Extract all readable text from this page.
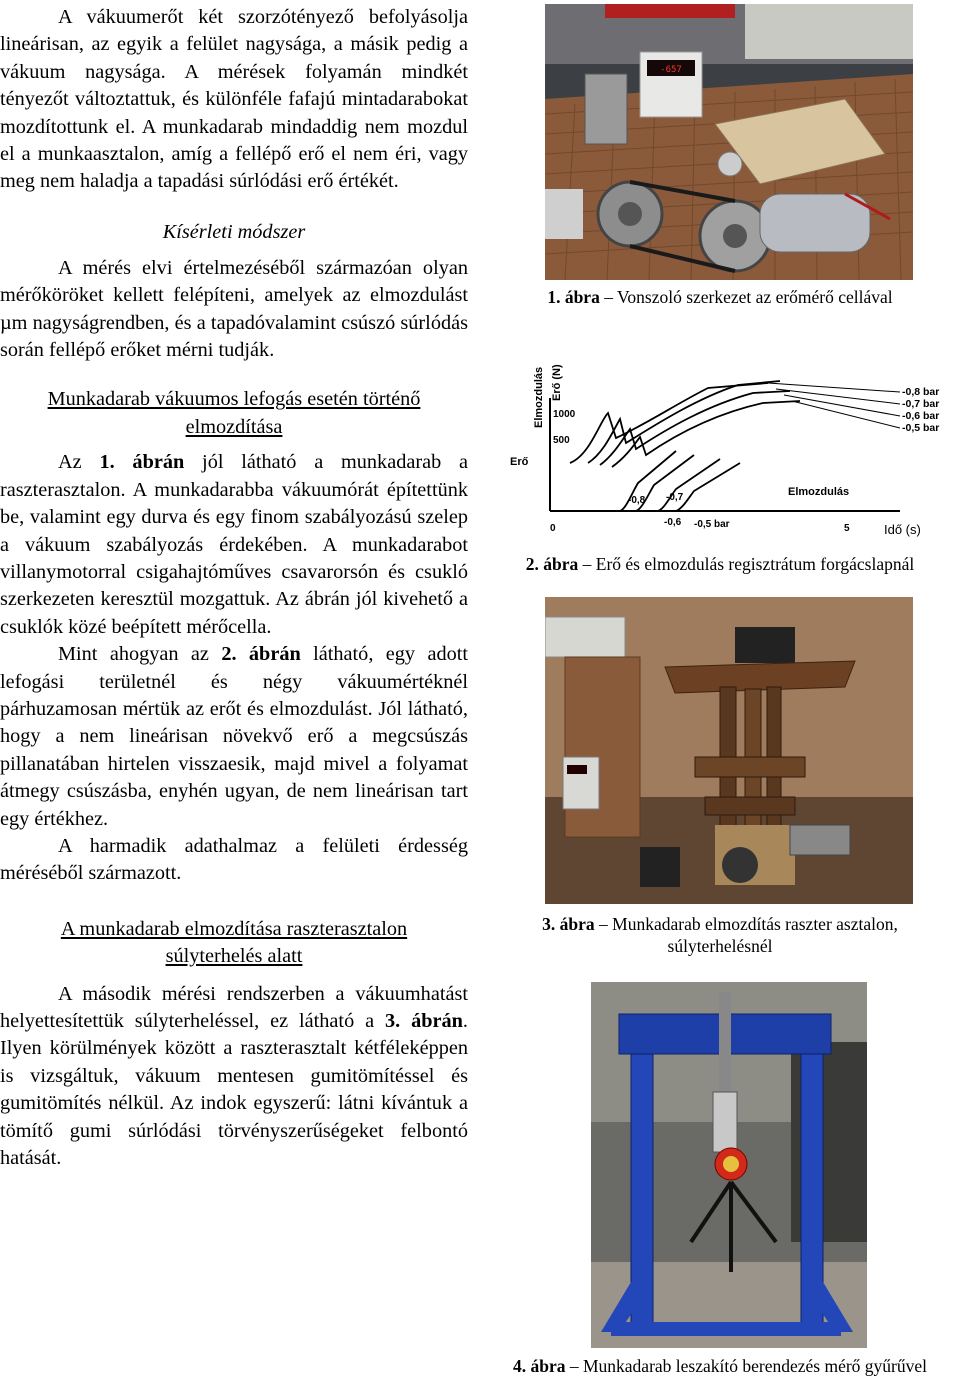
A vákuumerőt két szorzótényező befolyásolja lineárisan, az egyik a felület nagysága, a másik pedig a vákuum nagysága. A mérések folyamán mindkét tényezőt változtattuk, és különféle fafajú mintadarabokat mozdítottunk el. A munkadarab mindaddig nem mozdul el a munkaasztalon, amíg a fellépő erő el nem éri, vagy meg nem haladja a tapadási súrlódási erő értékét.

Kísérleti módszer

A mérés elvi értelmezéséből származóan olyan mérőköröket kellett felépíteni, amelyek az elmozdulást µm nagyságrendben, és a tapadóvalamint csúszó súrlódás során fellépő erőket mérni tudják.

Munkadarab vákuumos lefogás esetén történő
elmozdítása

Az 1. ábrán jól látható a munkadarab a raszterasztalon. A munkadarabba vákuumórát építettünk be, valamint egy durva és egy finom szabályozású szelep a vákuum szabályozás érdekében. A munkadarabot villanymotorral csigahajtóműves csavarorsón és csukló szerkezeten keresztül mozgattuk. Az ábrán jól kivehető a csuklók közé beépített mérőcella.

Mint ahogyan az 2. ábrán látható, egy adott lefogási területnél és négy vákuumértéknél párhuzamosan mértük az erőt és elmozdulást. Jól látható, hogy a nem lineárisan növekvő erő a megcsúszás pillanatában hirtelen visszaesik, majd mivel a folyamat átmegy csúszásba, enyhén ugyan, de nem lineárisan tart egy értékhez.

A harmadik adathalmaz a felületi érdesség méréséből származott.

A munkadarab elmozdítása raszterasztalon
súlyterhelés alatt

A második mérési rendszerben a vákuumhatást helyettesítettük súlyterheléssel, ez látható a 3. ábrán. Ilyen körülmények között a raszterasztalt kétféleképpen is vizsgáltuk, vákuum mentesen gumitömítéssel és gumitömítés nélkül. Az indok egyszerű: látni kívántuk a tömítő gumi súrlódási törvényszerűségeket felbontó hatását.

-657

1. ábra – Vonszoló szerkezet az erőmérő cellával

Elmozdulás Erő (N)
1000
500
Erő
0	5	Idő (s)
Elmozdulás
-0,8 bar
-0,7 bar
-0,6 bar
-0,5 bar
-0,8 -0,7
-0,6 -0,5 bar

2. ábra – Erő és elmozdulás regisztrátum forgácslapnál

3. ábra – Munkadarab elmozdítás raszter asztalon,
súlyterhelésnél

4. ábra – Munkadarab leszakító berendezés mérő gyűrűvel
